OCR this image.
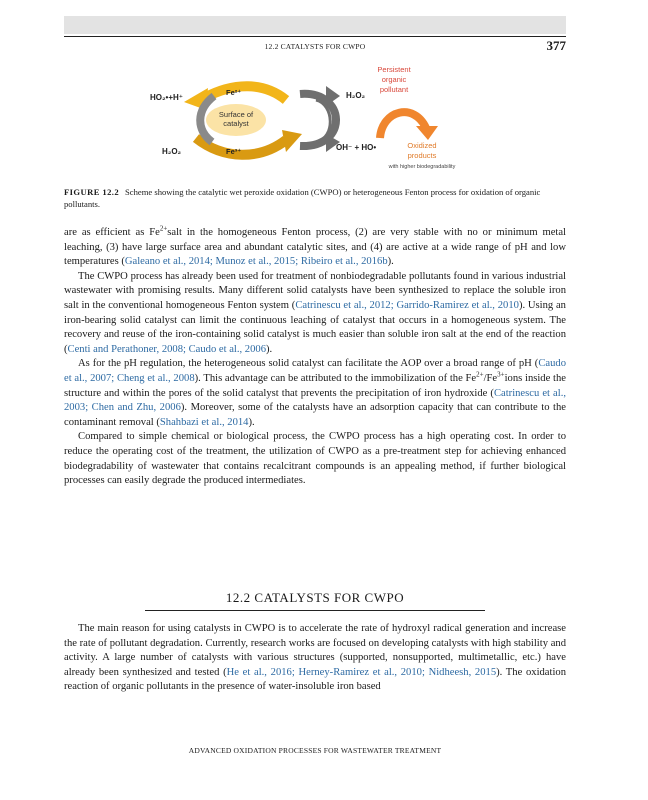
12.2 CATALYSTS FOR CWPO	377
Surface of
catalyst
HO₂•+H⁺
Fe²⁺
H₂O₂	Fe³⁺
H₂O₂
OH⁻ + HO•
Persistent
organic
pollutant
Oxidized
products
with higher biodegradability
FIGURE 12.2 Scheme showing the catalytic wet peroxide oxidation (CWPO) or heterogeneous Fenton process for oxidation of organic pollutants.

are as efficient as $Fe^{2+}salt$ in the homogeneous Fenton process, (2) are very stable with no or minimum metal leaching, (3) have large surface area and abundant catalytic sites, and (4) are active at a wide range of pH and low temperatures (Galeano et al., 2014; Munoz et al., 2015; Ribeiro et al., 2016b).

The CWPO process has already been used for treatment of nonbiodegradable pollutants found in various industrial wastewater with promising results. Many different solid catalysts have been synthesized to replace the soluble iron salt in the conventional homogeneous Fenton system (Catrinescu et al., 2012; Garrido-Ramirez et al., 2010). Using an iron-bearing solid catalyst can limit the continuous leaching of catalyst that occurs in a homogeneous system. The recovery and reuse of the iron-containing solid catalyst is much easier than soluble iron salt at the end of the reaction (Centi and Perathoner, 2008; Caudo et al., 2006).

As for the pH regulation, the heterogeneous solid catalyst can facilitate the AOP over a broad range of pH (Caudo et al., 2007; Cheng et al., 2008). This advantage can be attributed to the immobilization of the $Fe^{2+}/Fe^{3+}ions$ inside the structure and within the pores of the solid catalyst that prevents the precipitation of iron hydroxide (Catrinescu et al., 2003; Chen and Zhu, 2006). Moreover, some of the catalysts have an adsorption capacity that can contribute to the contaminant removal (Shahbazi et al., 2014).

Compared to simple chemical or biological process, the CWPO process has a high operating cost. In order to reduce the operating cost of the treatment, the utilization of CWPO as a pre-treatment step for achieving enhanced biodegradability of wastewater that contains recalcitrant compounds is an appealing method, if further biological processes can easily degrade the produced intermediates.

12.2 CATALYSTS FOR CWPO

The main reason for using catalysts in CWPO is to accelerate the rate of hydroxyl radical generation and increase the rate of pollutant degradation. Currently, research works are focused on developing catalysts with high stability and activity. A large number of catalysts with various structures (supported, nonsupported, multimetallic, etc.) have already been synthesized and tested (He et al., 2016; Herney-Ramirez et al., 2010; Nidheesh, 2015). The oxidation reaction of organic pollutants in the presence of water-insoluble iron based

ADVANCED OXIDATION PROCESSES FOR WASTEWATER TREATMENT
